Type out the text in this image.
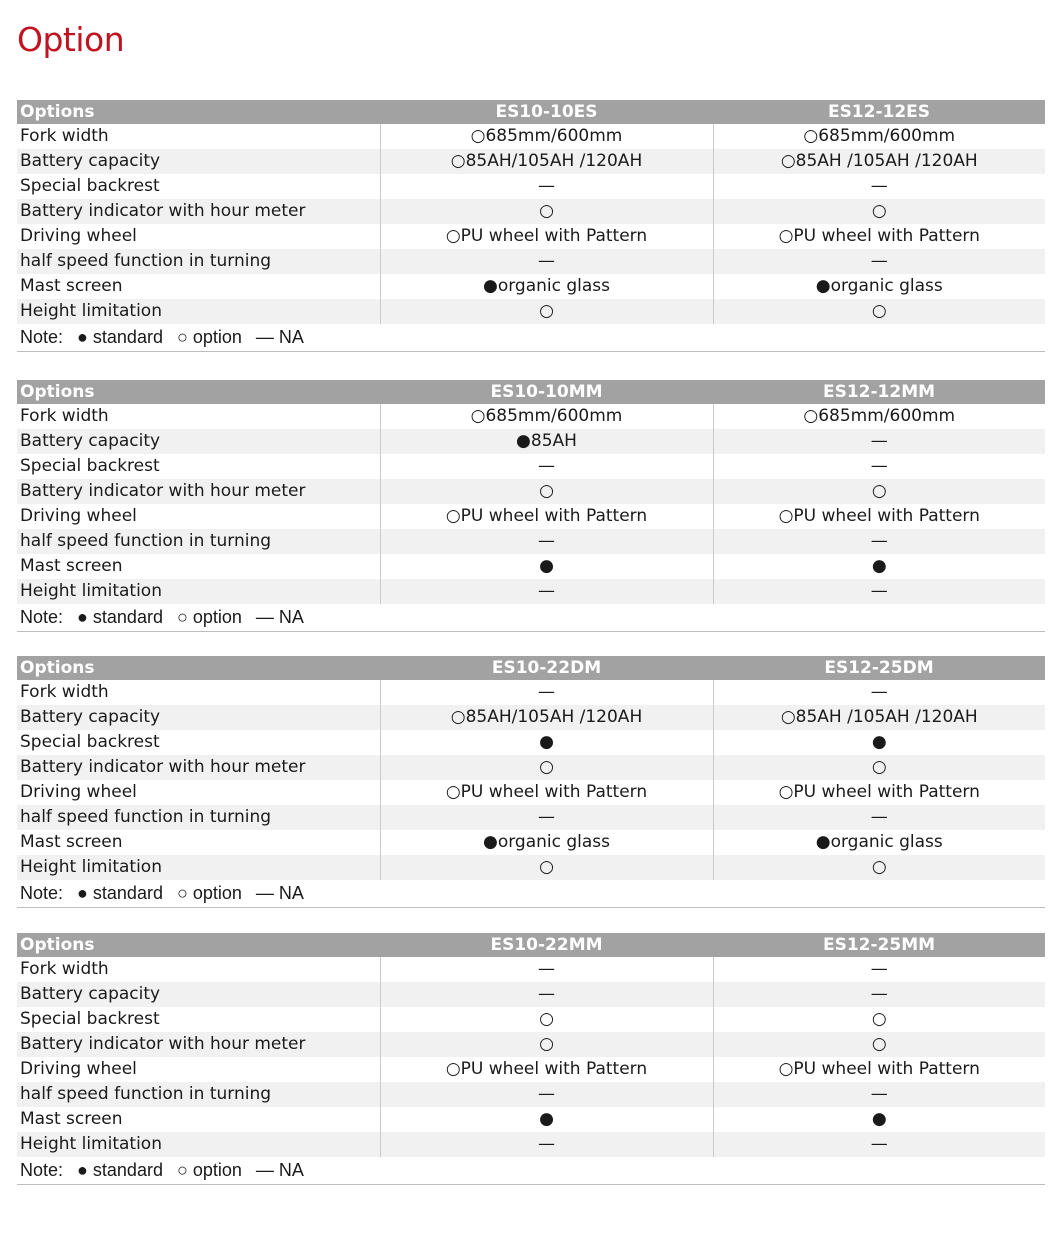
Option
Options	ES10-10ES	ES12-12ES
Fork width	○685mm/600mm	○685mm/600mm
Battery capacity	○85AH/105AH /120AH	○85AH /105AH /120AH
Special backrest	—	—
Battery indicator with hour meter	○	○
Driving wheel	○PU wheel with Pattern	○PU wheel with Pattern
half speed function in turning	—	—
Mast screen	●organic glass	●organic glass
Height limitation	○	○
Note: ● standard ○ option — NA		
Options	ES10-10MM	ES12-12MM
Fork width	○685mm/600mm	○685mm/600mm
Battery capacity	●85AH	—
Special backrest	—	—
Battery indicator with hour meter	○	○
Driving wheel	○PU wheel with Pattern	○PU wheel with Pattern
half speed function in turning	—	—
Mast screen	●	●
Height limitation	—	—
Note: ● standard ○ option — NA		
Options	ES10-22DM	ES12-25DM
Fork width	—	—
Battery capacity	○85AH/105AH /120AH	○85AH /105AH /120AH
Special backrest	●	●
Battery indicator with hour meter	○	○
Driving wheel	○PU wheel with Pattern	○PU wheel with Pattern
half speed function in turning	—	—
Mast screen	●organic glass	●organic glass
Height limitation	○	○
Note: ● standard ○ option — NA		
Options	ES10-22MM	ES12-25MM
Fork width	—	—
Battery capacity	—	—
Special backrest	○	○
Battery indicator with hour meter	○	○
Driving wheel	○PU wheel with Pattern	○PU wheel with Pattern
half speed function in turning	—	—
Mast screen	●	●
Height limitation	—	—
Note: ● standard ○ option — NA		
